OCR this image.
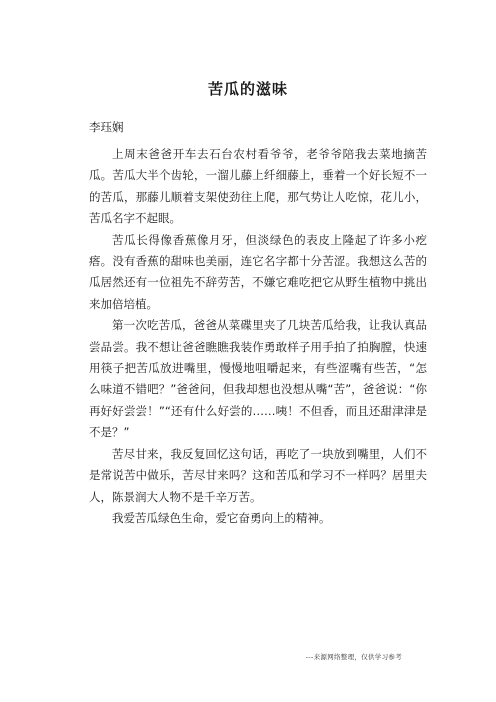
苦瓜的滋味
李珏娴

上周末爸爸开车去石台农村看爷爷，老爷爷陪我去菜地摘苦瓜。苦瓜大半个齿轮，一溜儿藤上纤细藤上，垂着一个好长短不一的苦瓜，那藤儿顺着支架使劲往上爬，那气势让人吃惊，花儿小，苦瓜名字不起眼。

苦瓜长得像香蕉像月牙，但淡绿色的表皮上隆起了许多小疙瘩。没有香蕉的甜味也美丽，连它名字都十分苦涩。我想这么苦的瓜居然还有一位祖先不辞劳苦，不嫌它难吃把它从野生植物中挑出来加倍培植。

第一次吃苦瓜，爸爸从菜碟里夹了几块苦瓜给我，让我认真品尝品尝。我不想让爸爸瞧瞧我装作勇敢样子用手拍了拍胸膛，快速用筷子把苦瓜放进嘴里，慢慢地咀嚼起来，有些涩嘴有些苦，“怎么味道不错吧？”爸爸问，但我却想也没想从嘴“苦”，爸爸说：“你再好好尝尝！”“还有什么好尝的……咦！不但香，而且还甜津津是不是？”

苦尽甘来，我反复回忆这句话，再吃了一块放到嘴里，人们不是常说苦中做乐，苦尽甘来吗？这和苦瓜和学习不一样吗？居里夫人，陈景润大人物不是千辛万苦。

我爱苦瓜绿色生命，爱它奋勇向上的精神。

---来源网络整理，仅供学习参考
